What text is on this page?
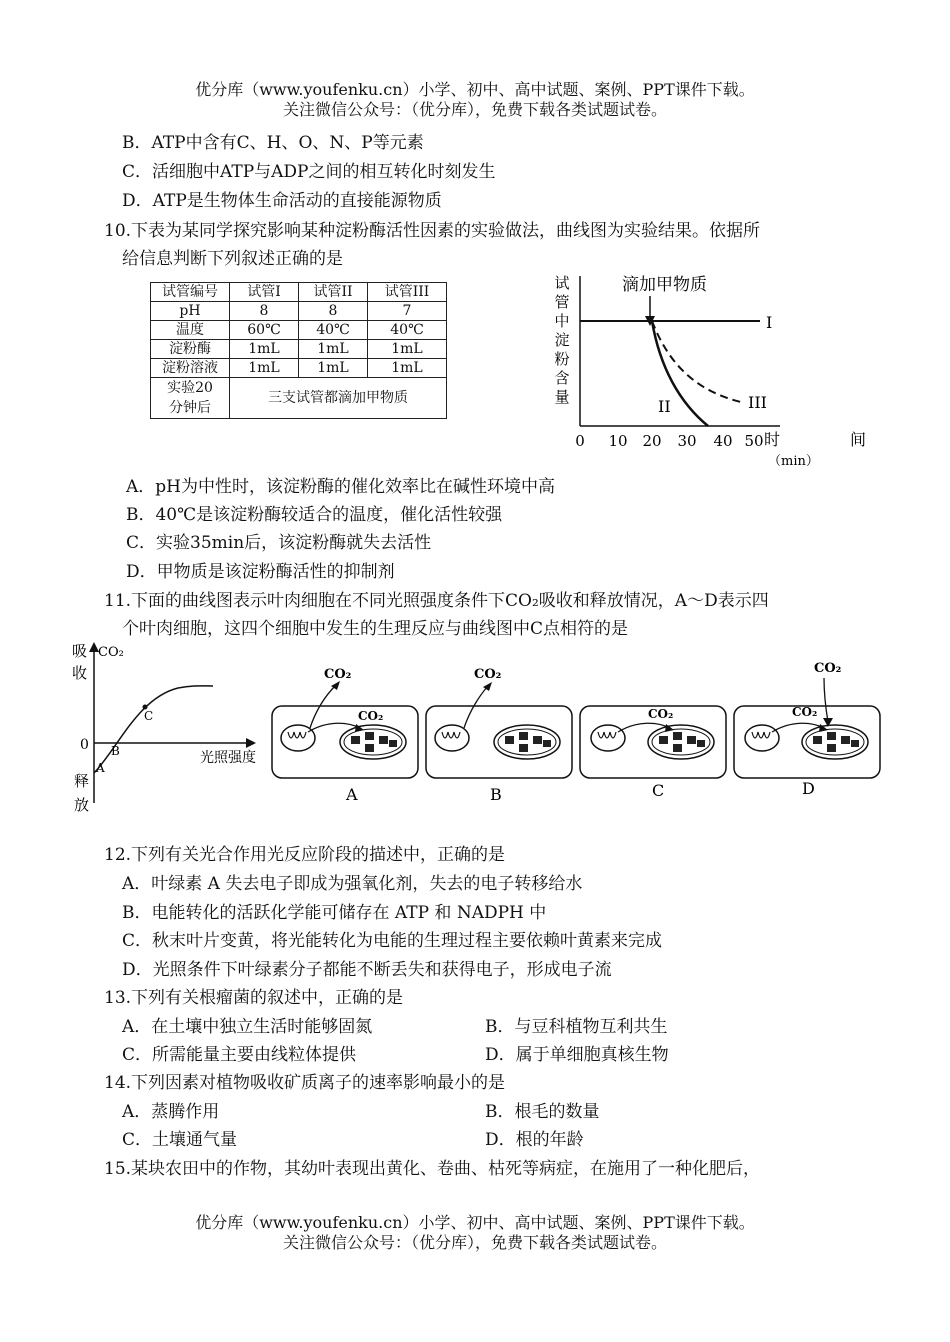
优分库（www.youfenku.cn）小学、初中、高中试题、案例、PPT课件下载。
关注微信公众号：（优分库），免费下载各类试题试卷。
B．ATP中含有C、H、O、N、P等元素
C．活细胞中ATP与ADP之间的相互转化时刻发生
D．ATP是生物体生命活动的直接能源物质
10.下表为某同学探究影响某种淀粉酶活性因素的实验做法，曲线图为实验结果。依据所
给信息判断下列叙述正确的是
试管编号	试管I	试管II	试管III
pH	8	8	7
温度	60℃	40℃	40℃
淀粉酶	1mL	1mL	1mL
淀粉溶液	1mL	1mL	1mL
实验20
分钟后	三支试管都滴加甲物质		
试
管
中
淀
粉
含
量
滴加甲物质
I
II	III
0 10 20 30 40 50 时	间
（min）
A．pH为中性时，该淀粉酶的催化效率比在碱性环境中高
B．40℃是该淀粉酶较适合的温度，催化活性较强
C．实验35min后，该淀粉酶就失去活性
D．甲物质是该淀粉酶活性的抑制剂
11.下面的曲线图表示叶肉细胞在不同光照强度条件下CO₂吸收和释放情况，A～D表示四
个叶肉细胞，这四个细胞中发生的生理反应与曲线图中C点相符的是
吸
收
CO₂
0
A
B
C
光照强度
释
放
CO₂
CO₂
A
CO₂
B
CO₂
C
CO₂
CO₂
D
12.下列有关光合作用光反应阶段的描述中，正确的是
A．叶绿素 A 失去电子即成为强氧化剂，失去的电子转移给水
B．电能转化的活跃化学能可储存在 ATP 和 NADPH 中
C．秋末叶片变黄，将光能转化为电能的生理过程主要依赖叶黄素来完成
D．光照条件下叶绿素分子都能不断丢失和获得电子，形成电子流
13.下列有关根瘤菌的叙述中，正确的是
A．在土壤中独立生活时能够固氮	B．与豆科植物互利共生
C．所需能量主要由线粒体提供	D．属于单细胞真核生物
14.下列因素对植物吸收矿质离子的速率影响最小的是
A．蒸腾作用	B．根毛的数量
C．土壤通气量	D．根的年龄
15.某块农田中的作物，其幼叶表现出黄化、卷曲、枯死等病症，在施用了一种化肥后，
优分库（www.youfenku.cn）小学、初中、高中试题、案例、PPT课件下载。
关注微信公众号：（优分库），免费下载各类试题试卷。
